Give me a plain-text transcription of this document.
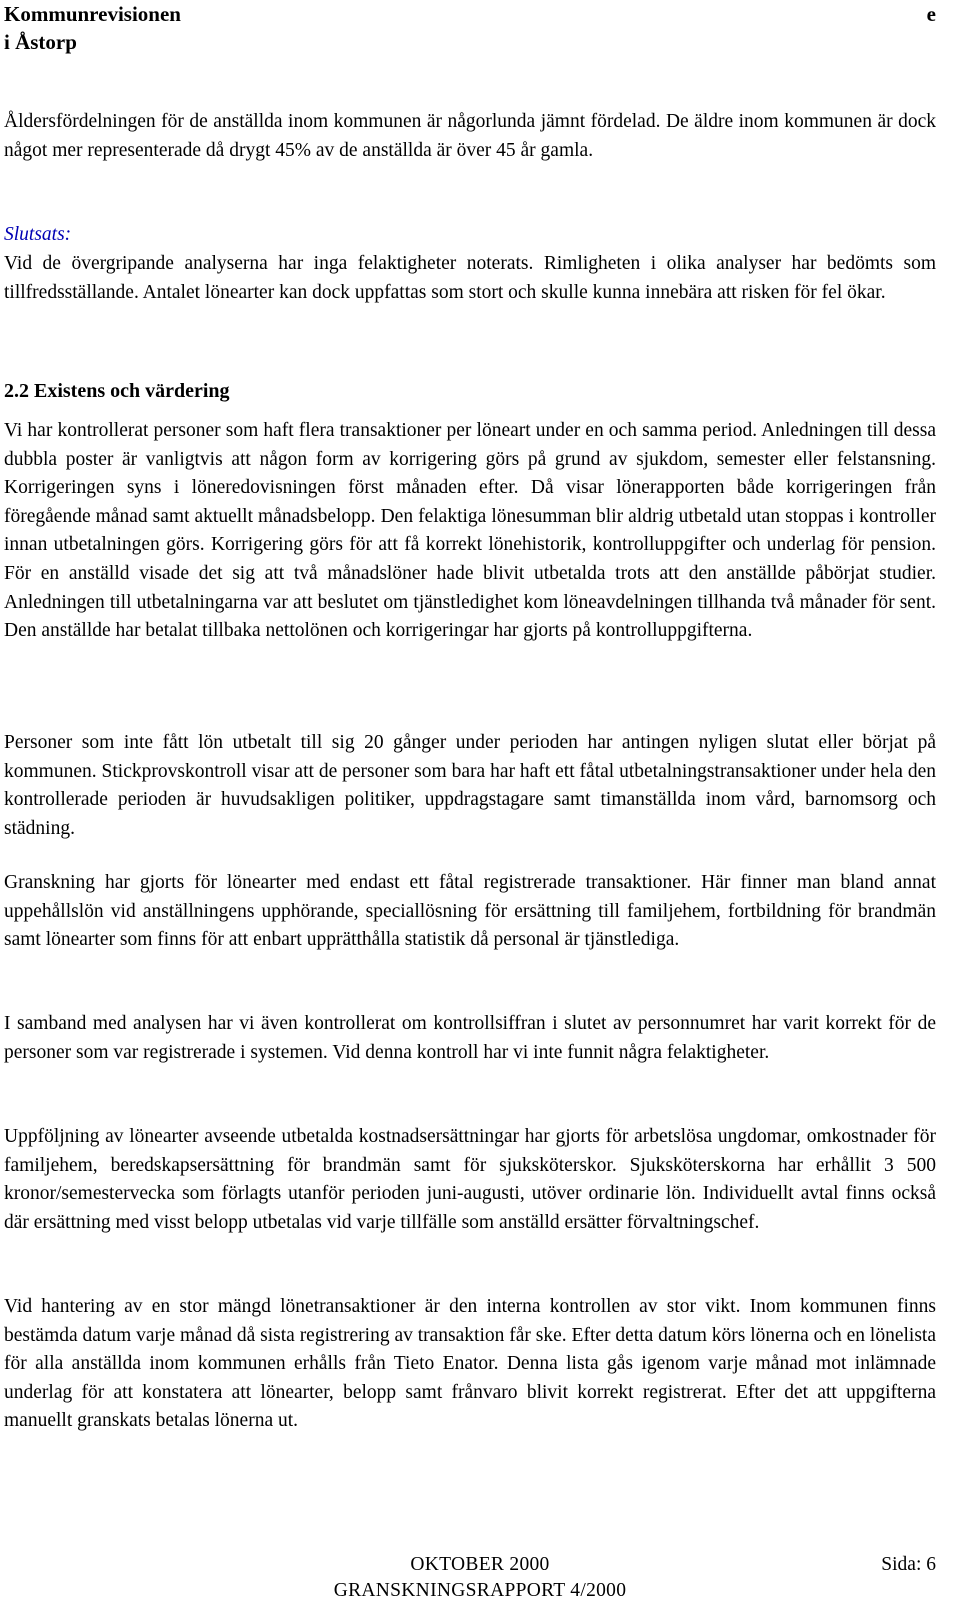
Kommunrevisionen
i Åstorp
e

Åldersfördelningen för de anställda inom kommunen är någorlunda jämnt fördelad. De äldre inom kommunen är dock något mer representerade då drygt 45% av de anställda är över 45 år gamla.

Slutsats:

Vid de övergripande analyserna har inga felaktigheter noterats. Rimligheten i olika analyser har bedömts som tillfredsställande. Antalet lönearter kan dock uppfattas som stort och skulle kunna innebära att risken för fel ökar.

2.2 Existens och värdering

Vi har kontrollerat personer som haft flera transaktioner per löneart under en och samma period. Anledningen till dessa dubbla poster är vanligtvis att någon form av korrigering görs på grund av sjukdom, semester eller felstansning. Korrigeringen syns i löneredovisningen först månaden efter. Då visar lönerapporten både korrigeringen från föregående månad samt aktuellt månadsbelopp. Den felaktiga lönesumman blir aldrig utbetald utan stoppas i kontroller innan utbetalningen görs. Korrigering görs för att få korrekt lönehistorik, kontrolluppgifter och underlag för pension. För en anställd visade det sig att två månadslöner hade blivit utbetalda trots att den anställde påbörjat studier. Anledningen till utbetalningarna var att beslutet om tjänstledighet kom löneavdelningen tillhanda två månader för sent. Den anställde har betalat tillbaka nettolönen och korrigeringar har gjorts på kontrolluppgifterna.

Personer som inte fått lön utbetalt till sig 20 gånger under perioden har antingen nyligen slutat eller börjat på kommunen. Stickprovskontroll visar att de personer som bara har haft ett fåtal utbetalningstransaktioner under hela den kontrollerade perioden är huvudsakligen politiker, uppdragstagare samt timanställda inom vård, barnomsorg och städning.

Granskning har gjorts för lönearter med endast ett fåtal registrerade transaktioner. Här finner man bland annat uppehållslön vid anställningens upphörande, speciallösning för ersättning till familjehem, fortbildning för brandmän samt lönearter som finns för att enbart upprätthålla statistik då personal är tjänstlediga.

I samband med analysen har vi även kontrollerat om kontrollsiffran i slutet av personnumret har varit korrekt för de personer som var registrerade i systemen. Vid denna kontroll har vi inte funnit några felaktigheter.

Uppföljning av lönearter avseende utbetalda kostnadsersättningar har gjorts för arbetslösa ungdomar, omkostnader för familjehem, beredskapsersättning för brandmän samt för sjuksköterskor. Sjuksköterskorna har erhållit 3 500 kronor/semestervecka som förlagts utanför perioden juni-augusti, utöver ordinarie lön. Individuellt avtal finns också där ersättning med visst belopp utbetalas vid varje tillfälle som anställd ersätter förvaltningschef.

Vid hantering av en stor mängd lönetransaktioner är den interna kontrollen av stor vikt. Inom kommunen finns bestämda datum varje månad då sista registrering av transaktion får ske. Efter detta datum körs lönerna och en lönelista för alla anställda inom kommunen erhålls från Tieto Enator. Denna lista gås igenom varje månad mot inlämnade underlag för att konstatera att lönearter, belopp samt frånvaro blivit korrekt registrerat. Efter det att uppgifterna manuellt granskats betalas lönerna ut.

OKTOBER 2000
GRANSKNINGSRAPPORT 4/2000
Sida: 6
